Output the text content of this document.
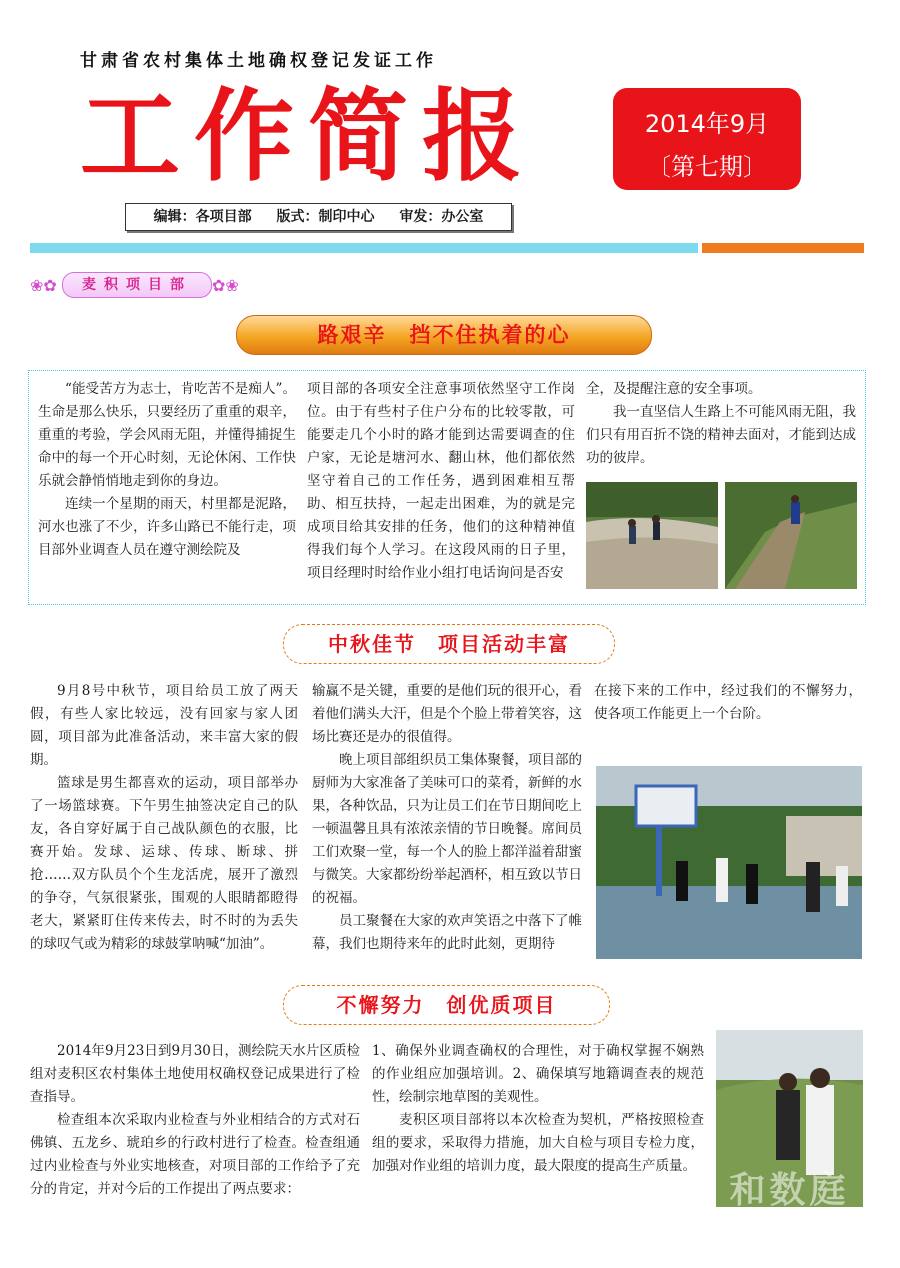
甘肃省农村集体土地确权登记发证工作
工作简报	2014年9月
〔第七期〕
编辑：各项目部 版式：制印中心 审发：办公室
❀✿	麦积项目部	✿❀
路艰辛　挡不住执着的心

“能受苦方为志士，肯吃苦不是痴人”。生命是那么快乐，只要经历了重重的艰辛，重重的考验，学会风雨无阻，并懂得捕捉生命中的每一个开心时刻，无论休闲、工作快乐就会静悄悄地走到你的身边。

连续一个星期的雨天，村里都是泥路，河水也涨了不少，许多山路已不能行走，项目部外业调查人员在遵守测绘院及

项目部的各项安全注意事项依然坚守工作岗位。由于有些村子住户分布的比较零散，可能要走几个小时的路才能到达需要调查的住户家，无论是塘河水、翻山林，他们都依然坚守着自己的工作任务，遇到困难相互帮助、相互扶持，一起走出困难，为的就是完成项目给其安排的任务，他们的这种精神值得我们每个人学习。在这段风雨的日子里，项目经理时时给作业小组打电话询问是否安

全，及提醒注意的安全事项。

我一直坚信人生路上不可能风雨无阻，我们只有用百折不饶的精神去面对，才能到达成功的彼岸。

中秋佳节　项目活动丰富

9月8号中秋节，项目给员工放了两天假，有些人家比较远，没有回家与家人团圆，项目部为此准备活动，来丰富大家的假期。

篮球是男生都喜欢的运动，项目部举办了一场篮球赛。下午男生抽签决定自己的队友，各自穿好属于自己战队颜色的衣服，比赛开始。发球、运球、传球、断球、拼抢……双方队员个个生龙活虎，展开了激烈的争夺，气氛很紧张，围观的人眼睛都瞪得老大，紧紧盯住传来传去，时不时的为丢失的球叹气或为精彩的球鼓掌呐喊“加油”。

输赢不是关键，重要的是他们玩的很开心，看着他们满头大汗，但是个个脸上带着笑容，这场比赛还是办的很值得。

晚上项目部组织员工集体聚餐，项目部的厨师为大家准备了美味可口的菜肴，新鲜的水果，各种饮品，只为让员工们在节日期间吃上一顿温馨且具有浓浓亲情的节日晚餐。席间员工们欢聚一堂，每一个人的脸上都洋溢着甜蜜与微笑。大家都纷纷举起酒杯，相互致以节日的祝福。

员工聚餐在大家的欢声笑语之中落下了帷幕，我们也期待来年的此时此刻，更期待

在接下来的工作中，经过我们的不懈努力，使各项工作能更上一个台阶。

不懈努力　创优质项目

2014年9月23日到9月30日，测绘院天水片区质检组对麦积区农村集体土地使用权确权登记成果进行了检查指导。

检查组本次采取内业检查与外业相结合的方式对石佛镇、五龙乡、琥珀乡的行政村进行了检查。检查组通过内业检查与外业实地核查，对项目部的工作给予了充分的肯定，并对今后的工作提出了两点要求：

1、确保外业调查确权的合理性，对于确权掌握不娴熟的作业组应加强培训。2、确保填写地籍调查表的规范性，绘制宗地草图的美观性。

麦积区项目部将以本次检查为契机，严格按照检查组的要求，采取得力措施，加大自检与项目专检力度，加强对作业组的培训力度，最大限度的提高生产质量。

和数庭
